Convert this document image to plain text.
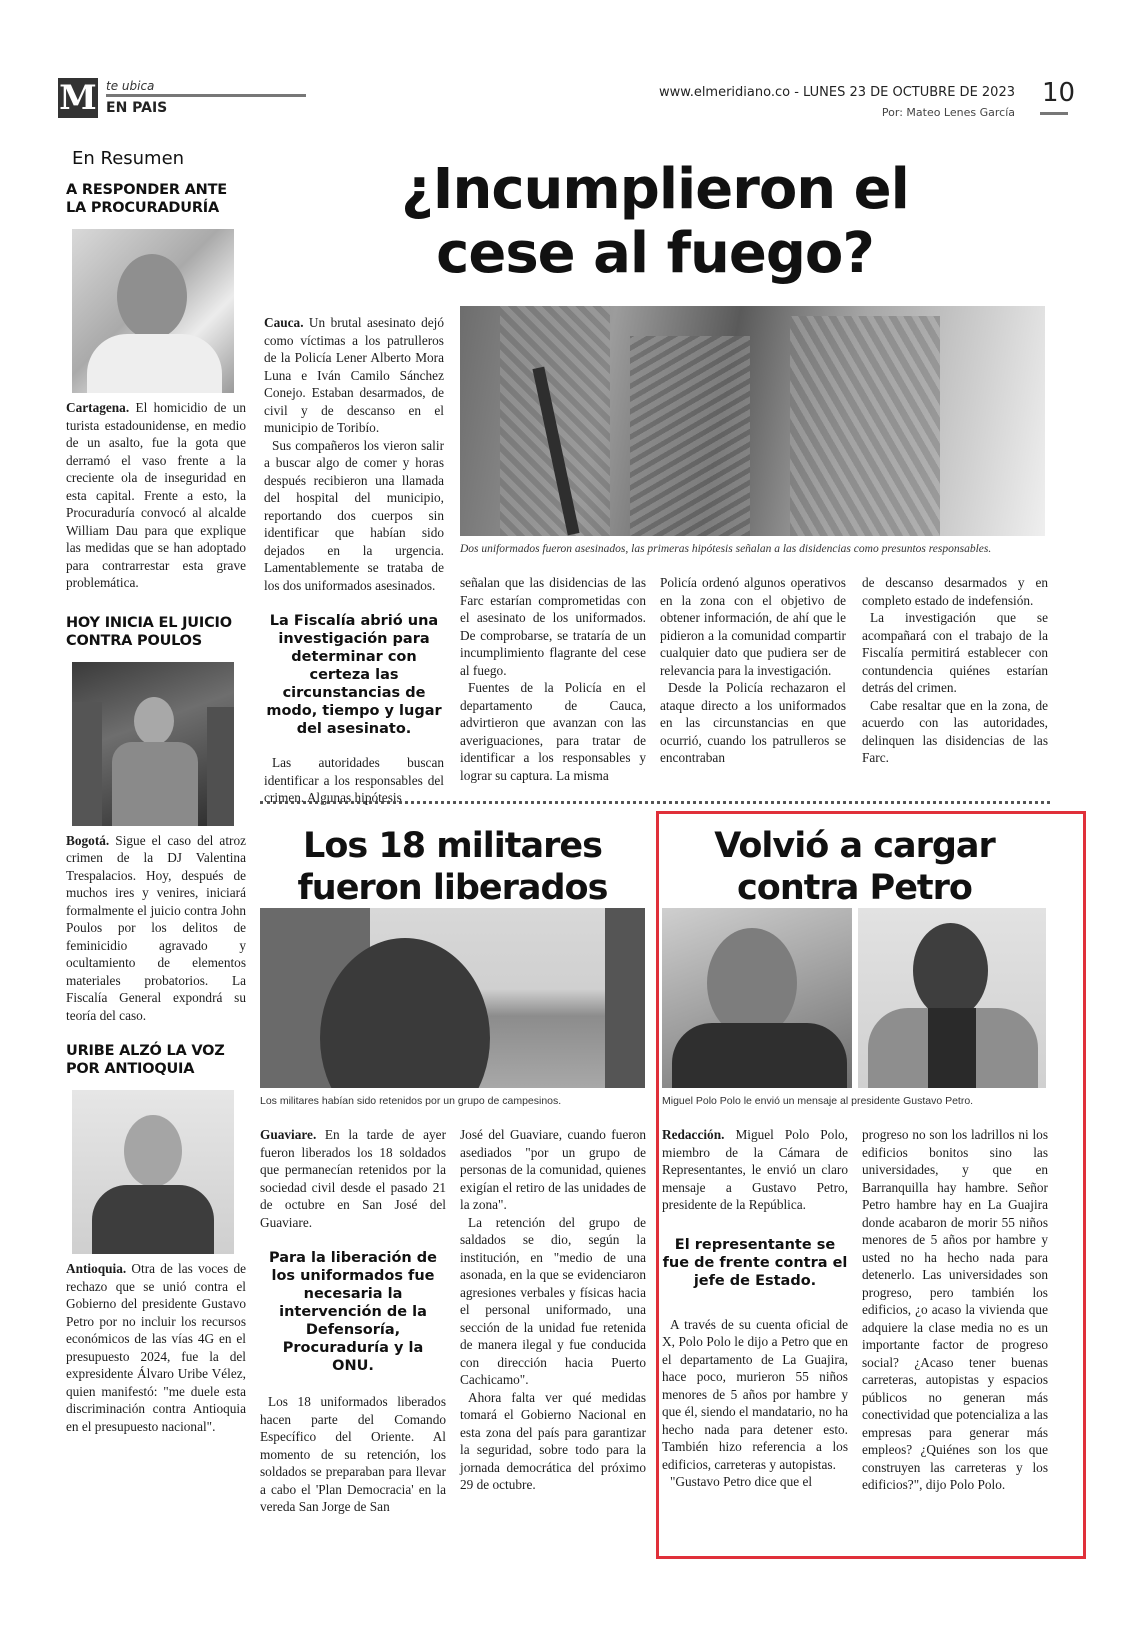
M te ubica
EN PAIS
www.elmeridiano.co - LUNES 23 DE OCTUBRE DE 2023
Por: Mateo Lenes García
10
En Resumen
A RESPONDER ANTE LA PROCURADURÍA

Cartagena. El homicidio de un turista estadounidense, en medio de un asalto, fue la gota que derramó el vaso frente a la creciente ola de inseguridad en esta capital. Frente a esto, la Procuraduría convocó al alcalde William Dau para que explique las medidas que se han adoptado para contrarrestar esta grave problemática.

HOY INICIA EL JUICIO CONTRA POULOS

Bogotá. Sigue el caso del atroz crimen de la DJ Valentina Trespalacios. Hoy, después de muchos ires y venires, iniciará formalmente el juicio contra John Poulos por los delitos de feminicidio agravado y ocultamiento de elementos materiales probatorios. La Fiscalía General expondrá su teoría del caso.

URIBE ALZÓ LA VOZ POR ANTIOQUIA

Antioquia. Otra de las voces de rechazo que se unió contra el Gobierno del presidente Gustavo Petro por no incluir los recursos económicos de las vías 4G en el presupuesto 2024, fue la del expresidente Álvaro Uribe Vélez, quien manifestó: "me duele esta discriminación contra Antioquia en el presupuesto nacional".

¿Incumplieron el
cese al fuego?

Cauca. Un brutal asesinato dejó como víctimas a los patrulleros de la Policía Lener Alberto Mora Luna e Iván Camilo Sánchez Conejo. Estaban desarmados, de civil y de descanso en el municipio de Toribío.

Sus compañeros los vieron salir a buscar algo de comer y horas después recibieron una llamada del hospital del municipio, reportando dos cuerpos sin identificar que habían sido dejados en la urgencia. Lamentablemente se trataba de los dos uniformados asesinados.

La Fiscalía abrió una investigación para determinar con certeza las circunstancias de modo, tiempo y lugar del asesinato.

Las autoridades buscan identificar a los responsables del crimen. Algunas hipótesis

Dos uniformados fueron asesinados, las primeras hipótesis señalan a las disidencias como presuntos responsables.

señalan que las disidencias de las Farc estarían comprometidas con el asesinato de los uniformados. De comprobarse, se trataría de un incumplimiento flagrante del cese al fuego.

Fuentes de la Policía en el departamento de Cauca, advirtieron que avanzan con las averiguaciones, para tratar de identificar a los responsables y lograr su captura. La misma

Policía ordenó algunos operativos en la zona con el objetivo de obtener información, de ahí que le pidieron a la comunidad compartir cualquier dato que pudiera ser de relevancia para la investigación.

Desde la Policía rechazaron el ataque directo a los uniformados en las circunstancias en que ocurrió, cuando los patrulleros se encontraban

de descanso desarmados y en completo estado de indefensión.

La investigación que se acompañará con el trabajo de la Fiscalía permitirá establecer con contundencia quiénes estarían detrás del crimen.

Cabe resaltar que en la zona, de acuerdo con las autoridades, delinquen las disidencias de las Farc.

Los 18 militares
fueron liberados
Los militares habían sido retenidos por un grupo de campesinos.

Guaviare. En la tarde de ayer fueron liberados los 18 soldados que permanecían retenidos por la sociedad civil desde el pasado 21 de octubre en San José del Guaviare.

Para la liberación de los uniformados fue necesaria la intervención de la Defensoría, Procuraduría y la ONU.

Los 18 uniformados liberados hacen parte del Comando Específico del Oriente. Al momento de su retención, los soldados se preparaban para llevar a cabo el 'Plan Democracia' en la vereda San Jorge de San

José del Guaviare, cuando fueron asediados "por un grupo de personas de la comunidad, quienes exigían el retiro de las unidades de la zona".

La retención del grupo de saldados se dio, según la institución, en "medio de una asonada, en la que se evidenciaron agresiones verbales y físicas hacia el personal uniformado, una sección de la unidad fue retenida de manera ilegal y fue conducida con dirección hacia Puerto Cachicamo".

Ahora falta ver qué medidas tomará el Gobierno Nacional en esta zona del país para garantizar la seguridad, sobre todo para la jornada democrática del próximo 29 de octubre.

Volvió a cargar
contra Petro
Miguel Polo Polo le envió un mensaje al presidente Gustavo Petro.

Redacción. Miguel Polo Polo, miembro de la Cámara de Representantes, le envió un claro mensaje a Gustavo Petro, presidente de la República.

El representante se fue de frente contra el jefe de Estado.

A través de su cuenta oficial de X, Polo Polo le dijo a Petro que en el departamento de La Guajira, hace poco, murieron 55 niños menores de 5 años por hambre y que él, siendo el mandatario, no ha hecho nada para detener esto. También hizo referencia a los edificios, carreteras y autopistas.

"Gustavo Petro dice que el

progreso no son los ladrillos ni los edificios bonitos sino las universidades, y que en Barranquilla hay hambre. Señor Petro hambre hay en La Guajira donde acabaron de morir 55 niños menores de 5 años por hambre y usted no ha hecho nada para detenerlo. Las universidades son progreso, pero también los edificios, ¿o acaso la vivienda que adquiere la clase media no es un importante factor de progreso social? ¿Acaso tener buenas carreteras, autopistas y espacios públicos no generan más conectividad que potencializa a las empresas para generar más empleos? ¿Quiénes son los que construyen las carreteras y los edificios?", dijo Polo Polo.
